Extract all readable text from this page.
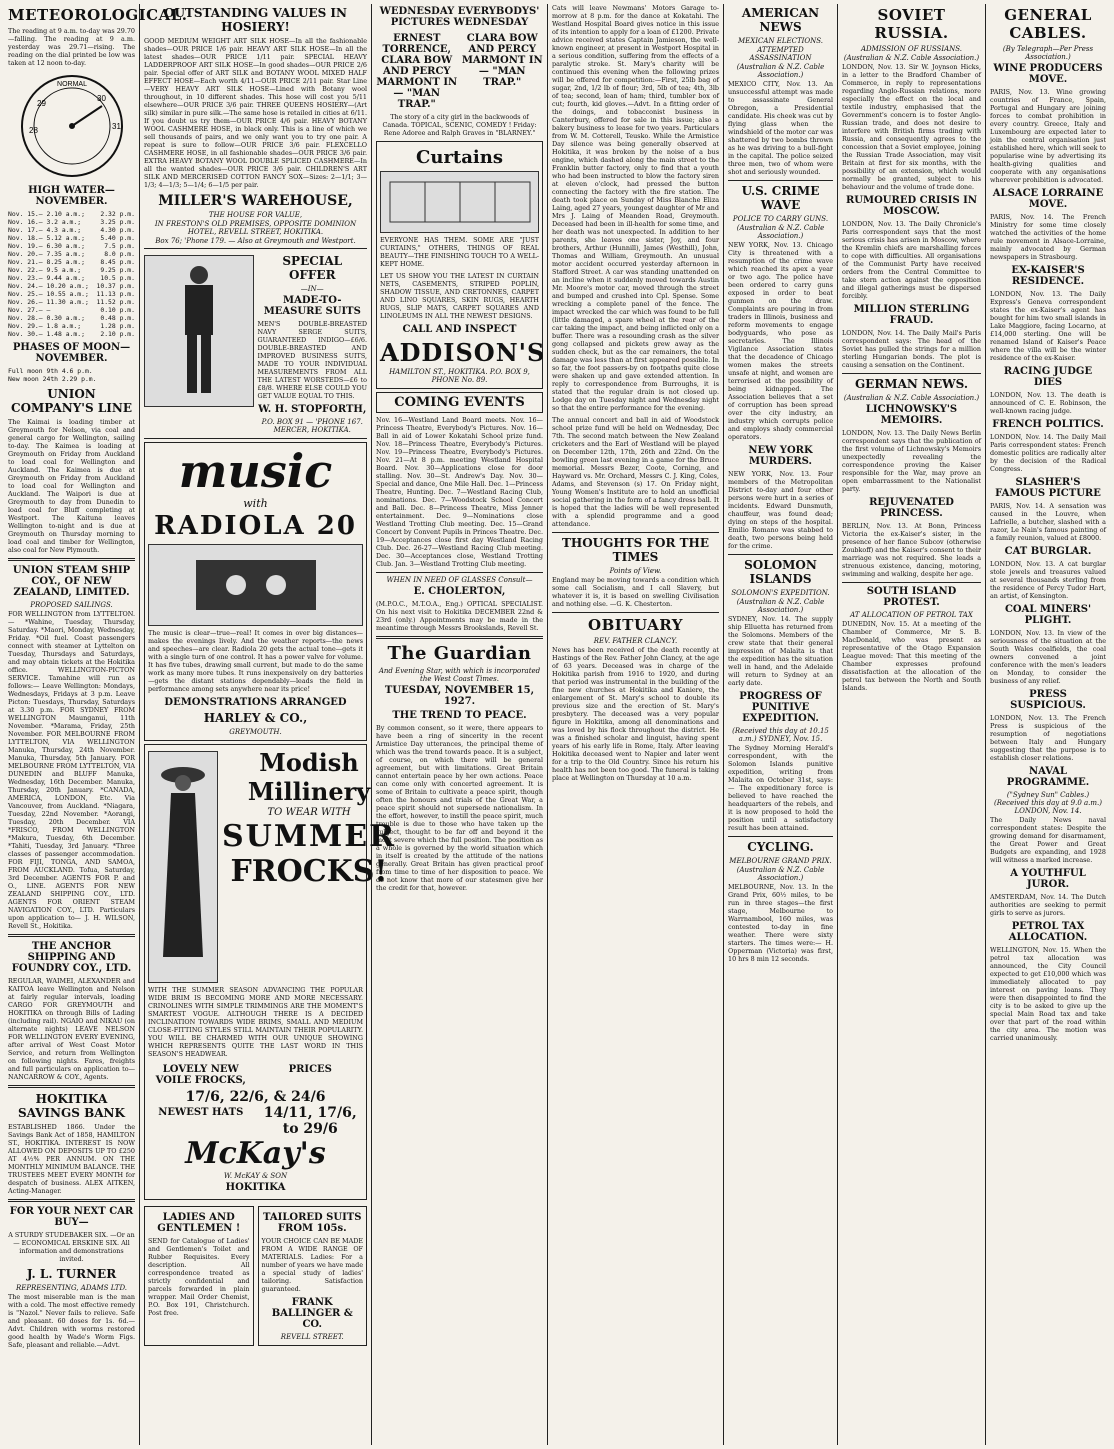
METEOROLOGICAL.

The reading at 9 a.m. to-day was 29.70—falling. The reading at 9 a.m. yesterday was 29.71—rising. The reading on the dial printed be low was taken at 12 noon to-day.

NORMAL
30
31
29
28
HIGH WATER—NOVEMBER.
Nov. 15.— 2.10 a.m.; 2.32 p.m.
Nov. 16.— 3.2 a.m.;	3.25 p.m.
Nov. 17.— 4.3 a.m.;	4.30 p.m.
Nov. 18.— 5.12 a.m.; 5.40 p.m.
Nov. 19.— 6.30 a.m.;	7.5 p.m.
Nov. 20.— 7.35 a.m.;	8.0 p.m.
Nov. 21.— 8.25 a.m.; 8.45 p.m.
Nov. 22.— 9.5 a.m.;	9.25 p.m.
Nov. 23.— 9.44 a.m.; 10.5 p.m.
Nov. 24.— 10.20 a.m.; 10.37 p.m.
Nov. 25.— 10.55 a.m.; 11.13 p.m.
Nov. 26.— 11.30 a.m.; 11.52 p.m.
Nov. 27.— —	0.10 p.m.
Nov. 28.— 0.30 a.m.; 0.48 p.m.
Nov. 29.— 1.8 a.m.;	1.28 p.m.
Nov. 30.— 1.48 a.m.; 2.10 p.m.
PHASES OF MOON—NOVEMBER.
Full moon 9th 4.6 p.m.
New moon 24th 2.29 p.m.
UNION COMPANY'S LINE

The Kaimai is loading timber at Greymouth for Nelson, via coal and general cargo for Wellington, sailing to-day. The Kaimea is loading at Greymouth on Friday from Auckland to load coal for Wellington and Auckland. The Kaimea is due at Greymouth on Friday from Auckland to load coal for Wellington and Auckland. The Waipori is due at Greymouth to day from Dunedin to load coal for Bluff completing at Westport. The Kaituna leaves Wellington to-night and is due at Greymouth on Thursday morning to load coal and timber for Wellington, also coal for New Plymouth.

UNION STEAM SHIP COY., OF NEW ZEALAND, LIMITED.
PROPOSED SAILINGS.

FOR WELLINGTON from LYTTELTON.— *Wahine, Tuesday, Thursday, Saturday. *Maori, Monday, Wednesday, Friday. *Oil fuel. Coast passengers connect with steamer at Lyttelton on Tuesday, Thursdays and Saturdays, and may obtain tickets at the Hokitika office. WELLINGTON-PICTON SERVICE. Tamahine will run as follows:— Leave Wellington: Mondays, Wednesdays, Fridays at 3 p.m. Leave Picton: Tuesdays, Thursday, Saturdays at 3.30 p.m. FOR SYDNEY FROM WELLINGTON Maunganui, 11th November. *Marama, Friday, 25th November. FOR MELBOURNE FROM LYTTELTON, VIA WELLINGTON Manuka, Thursday, 24th November. Manuka, Thursday, 5th January. FOR MELBOURNE FROM LYTTELTON, VIA DUNEDIN and BLUFF Manuka, Wednesday, 16th December. Manuka, Thursday, 20th January. *CANADA, AMERICA, LONDON, Etc. Via Vancouver, from Auckland. *Niagara, Tuesday, 22nd November. *Aorangi, Tuesday, 20th December. VIA *FRISCO, FROM WELLINGTON *Makura, Tuesday, 6th December. *Tahiti, Tuesday, 3rd January. *Three classes of passenger accommodation. FOR FIJI, TONGA, AND SAMOA, FROM AUCKLAND. Tofua, Saturday, 3rd December. AGENTS FOR P. and O., LINE. AGENTS FOR NEW ZEALAND SHIPPING COY., LTD. AGENTS FOR ORIENT STEAM NAVIGATION COY., LTD. Particulars upon application to— J. H. WILSON, Revell St., Hokitika.

THE ANCHOR SHIPPING AND FOUNDRY COY., LTD.

REGULAR, WAIMEI, ALEXANDER and KAITOA leave Wellington and Nelson at fairly regular intervals, loading CARGO FOR GREYMOUTH and HOKITIKA on through Bills of Lading (including rail). NGAIO and NIKAU (on alternate nights) LEAVE NELSON FOR WELLINGTON EVERY EVENING, after arrival of West Coast Motor Service, and return from Wellington on following nights. Fares, freights and full particulars on application to— NANCARROW & COY., Agents.

HOKITIKA SAVINGS BANK

ESTABLISHED 1866. Under the Savings Bank Act of 1858, HAMILTON ST., HOKITIKA. INTEREST IS NOW ALLOWED ON DEPOSITS UP TO £250 AT 4½% PER ANNUM. ON THE MONTHLY MINIMUM BALANCE. THE TRUSTEES MEET EVERY MONTH for despatch of business. ALEX AITKEN, Acting-Manager.

FOR YOUR NEXT CAR BUY—

A STURDY STUDEBAKER SIX. —Or an— ECONOMICAL ERSKINE SIX. All information and demonstrations invited.

J. L. TURNER
REPRESENTING, ADAMS LTD.

The most miserable man is the man with a cold. The most effective remedy is "Nazol." Never fails to relieve. Safe and pleasant. 60 doses for 1s. 6d.—Advt. Children with worms restored good health by Wade's Worm Figs. Safe, pleasant and reliable.—Advt.

OUTSTANDING VALUES IN HOSIERY!

GOOD MEDIUM WEIGHT ART SILK HOSE—In all the fashionable shades—OUR PRICE 1/6 pair. HEAVY ART SILK HOSE—In all the latest shades—OUR PRICE 1/11 pair. SPECIAL HEAVY LADDERPROOF ART SILK HOSE—In good shades—OUR PRICE 2/6 pair. Special offer of ART SILK and BOTANY WOOL MIXED HALF EFFECT HOSE—Each worth 4/11—OUR PRICE 2/11 pair. Star Line—VERY HEAVY ART SILK HOSE—Lined with Botany wool throughout, in 10 different shades. This hose will cost you 5/11 elsewhere—OUR PRICE 3/6 pair. THREE QUEENS HOSIERY—(Art silk) similar in pure silk.—The same hose is retailed in cities at 6/11. If you doubt us try them—OUR PRICE 4/6 pair. HEAVY BOTANY WOOL CASHMERE HOSE, in black only. This is a line of which we sell thousands of pairs, and we only want you to try one pair. A repeat is sure to follow—OUR PRICE 3/6 pair. FLEXCELLO CASHMERE HOSE, in all fashionable shades—OUR PRICE 3/6 pair. EXTRA HEAVY BOTANY WOOL DOUBLE SPLICED CASHMERE—In all the wanted shades—OUR PRICE 3/6 pair. CHILDREN'S ART SILK AND MERCERISED COTTON FANCY SOX—Sizes: 2—1/1; 3—1/3; 4—1/3; 5—1/4; 6—1/5 per pair.

MILLER'S WAREHOUSE,
THE HOUSE FOR VALUE,
IN FRESTON'S OLD PREMISES, OPPOSITE DOMINION HOTEL, REVELL STREET, HOKITIKA.
Box 76; 'Phone 179. — Also at Greymouth and Westport.
SPECIAL OFFER
—IN—
MADE-TO-MEASURE SUITS

MEN'S DOUBLE-BREASTED NAVY SERGE SUITS, GUARANTEED INDIGO—£6/6. DOUBLE-BREASTED AND IMPROVED BUSINESS SUITS, MADE TO YOUR INDIVIDUAL MEASUREMENTS FROM ALL THE LATEST WORSTEDS—£6 to £8/8. WHERE ELSE COULD YOU GET VALUE EQUAL TO THIS.

W. H. STOPFORTH,
P.O. BOX 91 — 'PHONE 167. MERCER, HOKITIKA.
music
with
RADIOLA 20

The music is clear—true—real! It comes in over big distances—makes the evenings lively. And the weather reports—the news and speeches—are clear. Radiola 20 gets the actual tone—gets it with a single turn of one control. It has a power valve for volume. It has five tubes, drawing small current, but made to do the same work as many more tubes. It runs inexpensively on dry batteries—gets the distant stations dependably—leads the field in performance among sets anywhere near its price!

DEMONSTRATIONS ARRANGED
HARLEY & CO.,
GREYMOUTH.
Modish Millinery
TO WEAR WITH
SUMMER
FROCKS!

WITH THE SUMMER SEASON ADVANCING THE POPULAR WIDE BRIM IS BECOMING MORE AND MORE NECESSARY. CRINOLINES WITH SIMPLE TRIMMINGS ARE THE MOMENT'S SMARTEST VOGUE. ALTHOUGH THERE IS A DECIDED INCLINATION TOWARDS WIDE BRIMS, SMALL AND MEDIUM CLOSE-FITTING STYLES STILL MAINTAIN THEIR POPULARITY. YOU WILL BE CHARMED WITH OUR UNIQUE SHOWING WHICH REPRESENTS QUITE THE LAST WORD IN THIS SEASON'S HEADWEAR.

LOVELY NEW VOILE FROCKS,
PRICES
17/6, 22/6, & 24/6
NEWEST HATS	14/11, 17/6, to 29/6
McKay's
W. McKAY & SON
HOKITIKA
LADIES AND GENTLEMEN !

SEND for Catalogue of Ladies' and Gentlemen's Toilet and Rubber Requisites. Every description. All correspondence treated as strictly confidential and parcels forwarded in plain wrapper. Mail Order Chemist, P.O. Box 191, Christchurch. Post free.

TAILORED SUITS FROM 105s.

YOUR CHOICE CAN BE MADE FROM A WIDE RANGE OF MATERIALS. Ladies: For a number of years we have made a special study of ladies' tailoring. Satisfaction guaranteed.

FRANK BALLINGER & CO.
REVELL STREET.
WEDNESDAY EVERYBODYS' PICTURES WEDNESDAY
ERNEST TORRENCE, CLARA BOW AND PERCY MARMONT IN— "MAN TRAP."
CLARA BOW AND PERCY MARMONT IN— "MAN TRAP."

The story of a city girl in the backwoods of Canada. TOPICAL, SCENIC, COMEDY ! Friday: Rene Adoree and Ralph Graves in "BLARNEY."

Curtains

EVERYONE HAS THEM. SOME ARE "JUST CURTAINS," OTHERS, THINGS OF REAL BEAUTY—THE FINISHING TOUCH TO A WELL-KEPT HOME.

LET US SHOW YOU THE LATEST IN CURTAIN NETS, CASEMENTS, STRIPED POPLIN, SHADOW TISSUE, AND CRETONNES, CARPET AND LINO SQUARES, SKIN RUGS, HEARTH RUGS, SLIP MATS, CARPET SQUARES AND LINOLEUMS IN ALL THE NEWEST DESIGNS.

CALL AND INSPECT
ADDISON'S
HAMILTON ST., HOKITIKA. P.O. BOX 9, PHONE No. 89.
COMING EVENTS

Nov. 16—Westland Land Board meets. Nov. 16—Princess Theatre, Everybody's Pictures. Nov. 16—Ball in aid of Lower Kokatahi School prize fund. Nov. 18—Princess Theatre, Everybody's Pictures. Nov. 19—Princess Theatre, Everybody's Pictures. Nov. 21—At 8 p.m. meeting Westland Hospital Board. Nov. 30—Applications close for door stalling. Nov. 30—St. Andrew's Day. Nov. 30—Special and dance, One Mile Hall. Dec. 1—Princess Theatre, Hunting. Dec. 7—Westland Racing Club, nominations. Dec. 7—Woodstock School Concert and Ball. Dec. 8—Princess Theatre, Miss Jenner entertainment. Dec. 9—Nominations close Westland Trotting Club meeting. Dec. 15—Grand Concert by Convent Pupils in Princes Theatre. Dec. 19—Acceptances close first day Westland Racing Club. Dec. 26-27—Westland Racing Club meeting. Dec. 30—Acceptances close, Westland Trotting Club. Jan. 3—Westland Trotting Club meeting.

WHEN IN NEED OF GLASSES Consult—
E. CHOLERTON,

(M.P.O.C., M.T.O.A., Eng.) OPTICAL SPECIALIST. On his next visit to Hokitika DECEMBER 22nd & 23rd (only.) Appointments may be made in the meantime through Messrs Brookslands, Revell St.

The Guardian
And Evening Star, with which is incorporated the West Coast Times.
TUESDAY, NOVEMBER 15, 1927.
THE TREND TO PEACE.

By common consent, so it were, there appears to have been a ring of sincerity in the recent Armistice Day utterances, the principal theme of which was the trend towards peace. It is a subject, of course, on which there will be general agreement, but with limitations. Great Britain cannot entertain peace by her own actions. Peace can come only with concerted agreement. It is some of Britain to cultivate a peace spirit, though often the honours and trials of the Great War, a peace spirit should not supersede nationalism. In the effort, however, to instill the peace spirit, much trouble is due to those who have taken up the subject, thought to be far off and beyond it the most severe which the full position. The position as a whole is governed by the world situation which in itself is created by the attitude of the nations generally. Great Britain has given practical proof from time to time of her disposition to peace. We do not know that more of our statesmen give her the credit for that, however.

Cats will leave Newmans' Motors Garage to-morrow at 8 p.m. for the dance at Kokatahi. The Westland Hospital Board gives notice in this issue of its intention to apply for a loan of £1200. Private advice received states Captain Jamieson, the well-known engineer, at present in Westport Hospital in a serious condition, suffering from the effects of a paralytic stroke. St. Mary's charity will be continued this evening when the following prizes will be offered for competition:—First, 25lb bag of sugar, 2nd, 1/2 lb of flour; 3rd, 5lb of tea; 4th, 3lb of tea; second, lean of ham; third, tumbler box of cut; fourth, kid gloves.—Advt. In a fitting order of the doings, and tobacconist business in Canterbury, offered for sale in this issue; also a bakery business to lease for two years. Particulars from W. M. Cotterell, Teusko. While the Armistice Day silence was being generally observed at Hokitika, it was broken by the noise of a bus engine, which dashed along the main street to the Franklin butter factory, only to find that a youth who had been instructed to blow the factory siren at eleven o'clock, had pressed the button connecting the factory with the fire station. The death took place on Sunday of Miss Blanche Eliza Laing, aged 27 years, youngest daughter of Mr and Mrs J. Laing of Meanden Road, Greymouth. Deceased had been in ill-health for some time, and her death was not unexpected. In addition to her parents, she leaves one sister, Joy, and four brothers, Arthur (Hunnill), James (Westhill), John, Thomas and William, Greymouth. An unusual motor accident occurred yesterday afternoon in Stafford Street. A car was standing unattended on an incline when it suddenly moved towards Austin Mr. Moore's motor car, moved through the street and bumped and crushed into Cpl. Spense. Some wrecking a complete panel of the fence. The impact wrecked the car which was found to be full (little damaged, a spare wheel at the rear of the car taking the impact, and being inflicted only on a buffer. There was a resounding crash as the silver gong collapsed and pickets grew away as the sudden check, but as the car remainers, the total damage was less than at first appeared possible. In so far, the foot passers-by on footpaths quite close were shaken up and gave extended attention. In reply to correspondence from Burroughs, it is stated that the regular drain is not closed up. Lodge day on Tuesday night and Wednesday night so that the entire performance for the evening.

The annual concert and ball in aid of Woodstock school prize fund will be held on Wednesday, Dec 7th. The second match between the New Zealand cricketers and the Earl of Westland will be played on December 12th, 17th, 26th and 22nd. On the bowling green last evening in a game for the Bruce memorial. Messrs Bezer, Coote, Corning, and Hayward vs. Mr. Orchard, Messrs C. J. King, Coles, Adams, and Stevenson (s) 17. On Friday night, Young Women's Institute are to hold an unofficial social gathering in the form of a fancy dress ball. It is hoped that the ladies will be well represented with a splendid programme and a good attendance.

THOUGHTS FOR THE TIMES
Points of View.

England may be moving towards a condition which some call Socialism, and I call Slavery, but whatever it is, it is based on swelling Civilisation and nothing else. —G. K. Chesterton.

OBITUARY
REV. FATHER CLANCY.

News has been received of the death recently at Hastings of the Rev. Father John Clancy, at the age of 63 years. Deceased was in charge of the Hokitika parish from 1916 to 1920, and during that period was instrumental in the building of the fine new churches at Hokitika and Kaniere, the enlargement of St. Mary's school to double its previous size and the erection of St. Mary's presbytery. The deceased was a very popular figure in Hokitika, among all denominations and was loved by his flock throughout the district. He was a finished scholar and linguist, having spent years of his early life in Rome, Italy. After leaving Hokitika deceased went to Napier and later went for a trip to the Old Country. Since his return his health has not been too good. The funeral is taking place at Wellington on Thursday at 10 a.m.

AMERICAN NEWS
MEXICAN ELECTIONS.
ATTEMPTED ASSASSINATION
(Australian & N.Z. Cable Association.)

MEXICO CITY, Nov. 13. An unsuccessful attempt was made to assassinate General Obregon, a Presidential candidate. His cheek was cut by flying glass when the windshield of the motor car was shattered by two bombs thrown as he was driving to a bull-fight in the capital. The police seized three men, two of whom were shot and seriously wounded.

U.S. CRIME WAVE
POLICE TO CARRY GUNS.
(Australian & N.Z. Cable Association.)

NEW YORK, Nov. 13. Chicago City is threatened with a resumption of the crime wave which reached its apex a year or two ago. The police have been ordered to carry guns exposed in order to beat gunmen on the draw. Complaints are pouring in from traders in Illinois, business and reform movements to engage bodyguards, who pose as secretaries. The Illinois Vigilance Association states that the decadence of Chicago women makes the streets unsafe at night, and women are terrorised at the possibility of being kidnapped. The Association believes that a set of corruption has been spread over the city industry, an industry which corrupts police and employs shady commercial operators.

NEW YORK MURDERS.

NEW YORK, Nov. 13. Four members of the Metropolitan District to-day and four other persons were hurt in a series of incidents. Edward Dunsmuth, chauffeur, was found dead; dying on steps of the hospital. Emilio Romano was stabbed to death, two persons being held for the crime.

SOLOMON ISLANDS
SOLOMON'S EXPEDITION.
(Australian & N.Z. Cable Association.)

SYDNEY, Nov. 14. The supply ship Elluetta has returned from the Solomons. Members of the crew state that their general impression of Malaita is that the expedition has the situation well in hand, and the Adelaide will return to Sydney at an early date.

PROGRESS OF PUNITIVE EXPEDITION.
(Received this day at 10.15 a.m.) SYDNEY, Nov. 15.

The Sydney Morning Herald's correspondent, with the Solomon Islands punitive expedition, writing from Malaita on October 31st, says:— The expeditionary force is believed to have reached the headquarters of the rebels, and it is now proposed to hold the position until a satisfactory result has been attained.

CYCLING.
MELBOURNE GRAND PRIX.
(Australian & N.Z. Cable Association.)

MELBOURNE, Nov. 13. In the Grand Prix, 60½ miles, to be run in three stages—the first stage, Melbourne to Warrnambool, 160 miles, was contested to-day in fine weather. There were sixty starters. The times were:— H. Opperman (Victoria) was first, 10 hrs 8 min 12 seconds.

SOVIET RUSSIA.
ADMISSION OF RUSSIANS.
(Australian & N.Z. Cable Association.)

LONDON, Nov. 13. Sir W. Joynson Hicks, in a letter to the Bradford Chamber of Commerce, in reply to representations regarding Anglo-Russian relations, more especially the effect on the local and textile industry, emphasised that the Government's concern is to foster Anglo-Russian trade, and does not desire to interfere with British firms trading with Russia, and consequently agrees to the concession that a Soviet employee, joining the Russian Trade Association, may visit Britain at first for six months, with the possibility of an extension, which would normally be granted, subject to his behaviour and the volume of trade done.

RUMOURED CRISIS IN MOSCOW.

LONDON, Nov. 13. The Daily Chronicle's Paris correspondent says that the most serious crisis has arisen in Moscow, where the Kremlin chiefs are marshalling forces to cope with difficulties. All organisations of the Communist Party have received orders from the Central Committee to take stern action against the opposition and illegal gatherings must be dispersed forcibly.

MILLION STERLING FRAUD.

LONDON, Nov. 14. The Daily Mail's Paris correspondent says: The head of the Soviet has pulled the strings for a million sterling Hungarian bonds. The plot is causing a sensation on the Continent.

GERMAN NEWS.
(Australian & N.Z. Cable Association.)
LICHNOWSKY'S MEMOIRS.

LONDON, Nov. 13. The Daily News Berlin correspondent says that the publication of the first volume of Lichnowsky's Memoirs unexpectedly revealing the correspondence proving the Kaiser responsible for the War, may prove an open embarrassment to the Nationalist party.

REJUVENATED PRINCESS.

BERLIN, Nov. 13. At Bonn, Princess Victoria the ex-Kaiser's sister, in the presence of her fiance Subcov (otherwise Zoubkoff) and the Kaiser's consent to their marriage was not required. She leads a strenuous existence, dancing, motoring, swimming and walking, despite her age.

SOUTH ISLAND PROTEST.
AT ALLOCATION OF PETROL TAX

DUNEDIN, Nov. 15. At a meeting of the Chamber of Commerce, Mr S. B. MacDonald, who was present as representative of the Otago Expansion League moved: That this meeting of the Chamber expresses profound dissatisfaction at the allocation of the petrol tax between the North and South Islands.

GENERAL CABLES.
(By Telegraph—Per Press Association.)
WINE PRODUCERS MOVE.

PARIS, Nov. 13. Wine growing countries of France, Spain, Portugal and Hungary are joining forces to combat prohibition in every country. Greece, Italy and Luxembourg are expected later to join the central organisation just established here, which will seek to popularise wine by advertising its health-giving qualities and cooperate with any organisations wherever prohibition is advocated.

ALSACE LORRAINE MOVE.

PARIS, Nov. 14. The French Ministry for some time closely watched the activities of the home rule movement in Alsace-Lorraine, mainly advocated by German newspapers in Strasbourg.

EX-KAISER'S RESIDENCE.

LONDON, Nov. 13. The Daily Express's Geneva correspondent states the ex-Kaiser's agent has bought for him two small islands in Lake Maggiore, facing Locarno, at £14,000 sterling. One will be renamed Island of Kaiser's Peace where the villa will be the winter residence of the ex-Kaiser.

RACING JUDGE DIES

LONDON, Nov. 13. The death is announced of C. E. Robinson, the well-known racing judge.

FRENCH POLITICS.

LONDON, Nov. 14. The Daily Mail Paris correspondent states: French domestic politics are radically alter by the decision of the Radical Congress.

SLASHER'S FAMOUS PICTURE

PARIS, Nov. 14. A sensation was caused in the Louvre, when Lafrielle, a butcher, slashed with a razor, Le Nain's famous painting of a family reunion, valued at £8000.

CAT BURGLAR.

LONDON, Nov. 13. A cat burglar stole jewels and treasures valued at several thousands sterling from the residence of Percy Tudor Hart, an artist, of Kensington.

COAL MINERS' PLIGHT.

LONDON, Nov. 13. In view of the seriousness of the situation at the South Wales coalfields, the coal owners convened a joint conference with the men's leaders on Monday, to consider the business of any relief.

PRESS SUSPICIOUS.

LONDON, Nov. 13. The French Press is suspicious of the resumption of negotiations between Italy and Hungary suggesting that the purpose is to establish closer relations.

NAVAL PROGRAMME.
("Sydney Sun" Cables.) (Received this day at 9.0 a.m.) LONDON, Nov. 14.

The Daily News naval correspondent states: Despite the growing demand for disarmament, the Great Power and Great Budgets are expanding, and 1928 will witness a marked increase.

A YOUTHFUL JUROR.

AMSTERDAM, Nov. 14. The Dutch authorities are seeking to permit girls to serve as jurors.

PETROL TAX ALLOCATION.

WELLINGTON, Nov. 15. When the petrol tax allocation was announced, the City Council expected to get £10,000 which was immediately allocated to pay interest on paving loans. They were then disappointed to find the city is to be asked to give up the special Main Road tax and take over that part of the road within the city area. The motion was carried unanimously.
